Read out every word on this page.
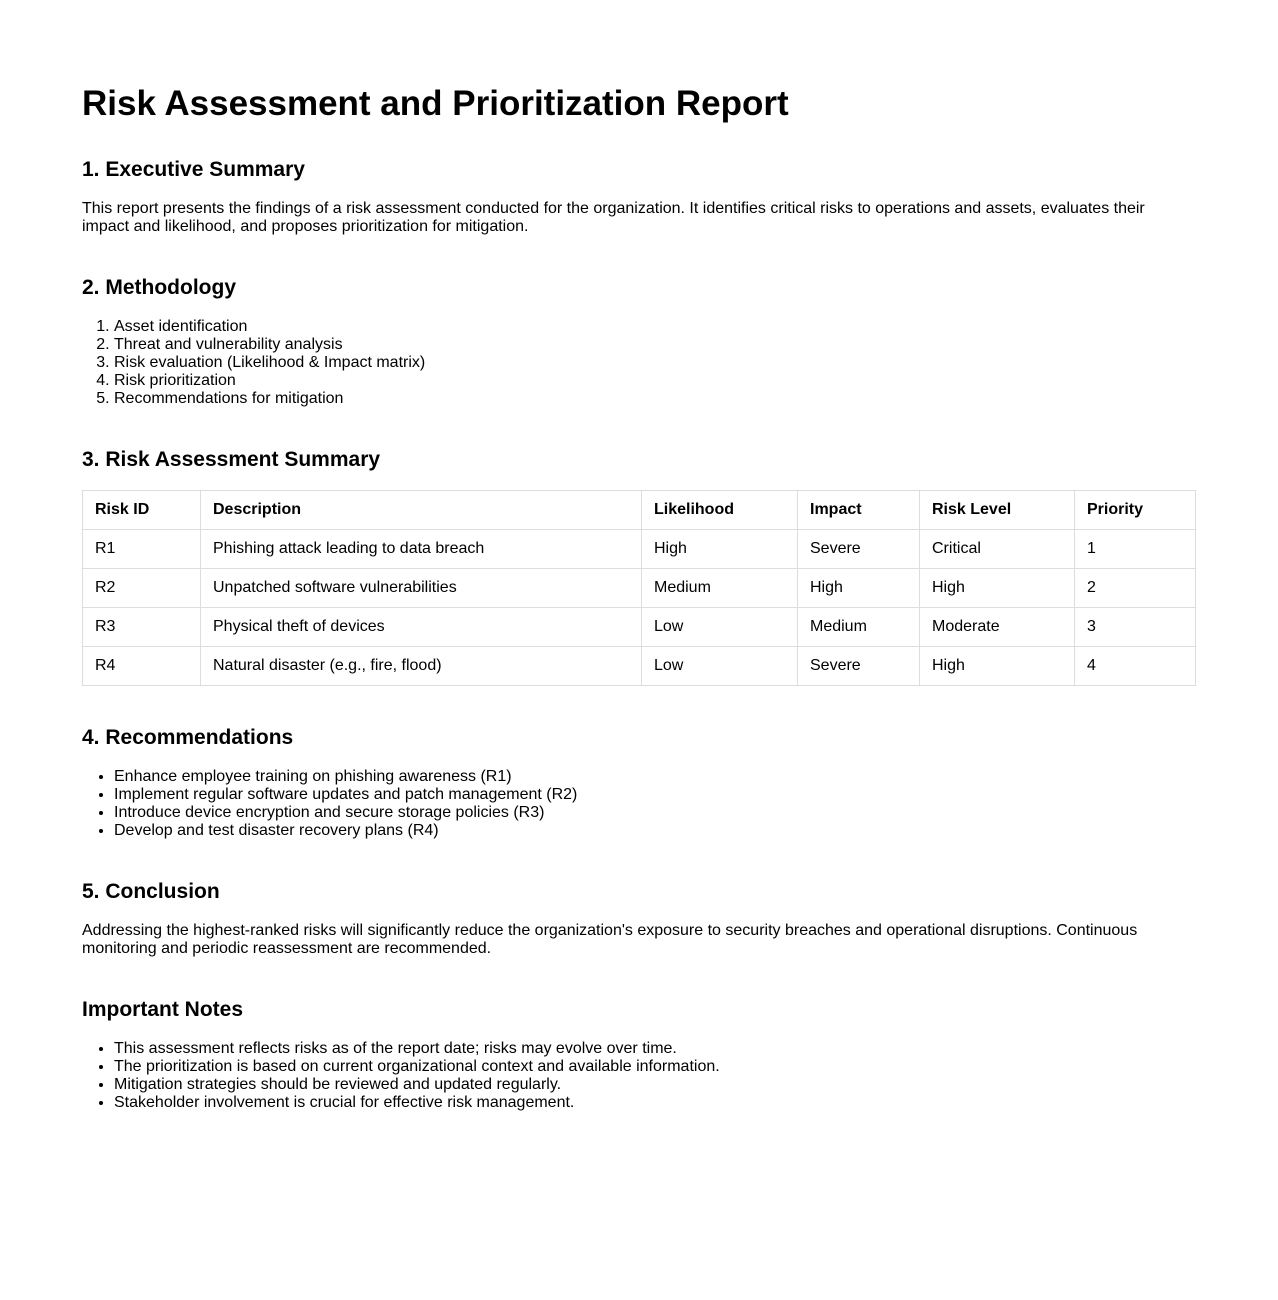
Risk Assessment and Prioritization Report
1. Executive Summary

This report presents the findings of a risk assessment conducted for the organization. It identifies critical risks to operations and assets, evaluates their impact and likelihood, and proposes prioritization for mitigation.

2. Methodology
1. Asset identification
2. Threat and vulnerability analysis
3. Risk evaluation (Likelihood & Impact matrix)
4. Risk prioritization
5. Recommendations for mitigation
3. Risk Assessment Summary
Risk ID	Description	Likelihood	Impact	Risk Level	Priority
R1	Phishing attack leading to data breach	High	Severe	Critical	1
R2	Unpatched software vulnerabilities	Medium	High	High	2
R3	Physical theft of devices	Low	Medium	Moderate	3
R4	Natural disaster (e.g., fire, flood)	Low	Severe	High	4
4. Recommendations
• Enhance employee training on phishing awareness (R1)
• Implement regular software updates and patch management (R2)
• Introduce device encryption and secure storage policies (R3)
• Develop and test disaster recovery plans (R4)
5. Conclusion

Addressing the highest-ranked risks will significantly reduce the organization's exposure to security breaches and operational disruptions. Continuous monitoring and periodic reassessment are recommended.

Important Notes
• This assessment reflects risks as of the report date; risks may evolve over time.
• The prioritization is based on current organizational context and available information.
• Mitigation strategies should be reviewed and updated regularly.
• Stakeholder involvement is crucial for effective risk management.
